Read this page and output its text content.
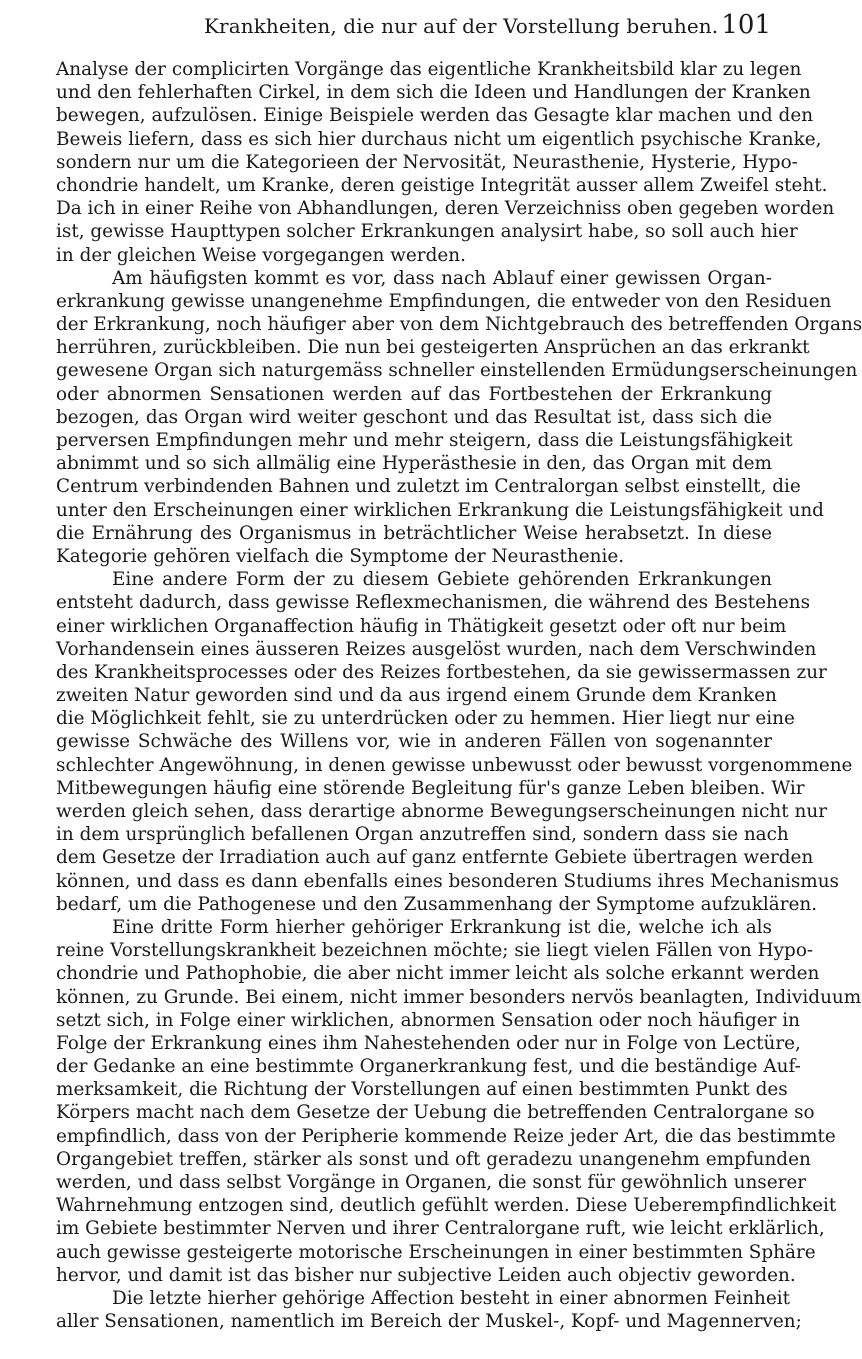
Krankheiten, die nur auf der Vorstellung beruhen. 101
Analyse der complicirten Vorgänge das eigentliche Krankheitsbild klar zu legen
und den fehlerhaften Cirkel, in dem sich die Ideen und Handlungen der Kranken
bewegen, aufzulösen. Einige Beispiele werden das Gesagte klar machen und den
Beweis liefern, dass es sich hier durchaus nicht um eigentlich psychische Kranke,
sondern nur um die Kategorieen der Nervosität, Neurasthenie, Hysterie, Hypo-
chondrie handelt, um Kranke, deren geistige Integrität ausser allem Zweifel steht.
Da ich in einer Reihe von Abhandlungen, deren Verzeichniss oben gegeben worden
ist, gewisse Haupttypen solcher Erkrankungen analysirt habe, so soll auch hier
in der gleichen Weise vorgegangen werden.
Am häufigsten kommt es vor, dass nach Ablauf einer gewissen Organ-
erkrankung gewisse unangenehme Empfindungen, die entweder von den Residuen
der Erkrankung, noch häufiger aber von dem Nichtgebrauch des betreffenden Organs
herrühren, zurückbleiben. Die nun bei gesteigerten Ansprüchen an das erkrankt
gewesene Organ sich naturgemäss schneller einstellenden Ermüdungserscheinungen
oder abnormen Sensationen werden auf das Fortbestehen der Erkrankung
bezogen, das Organ wird weiter geschont und das Resultat ist, dass sich die
perversen Empfindungen mehr und mehr steigern, dass die Leistungsfähigkeit
abnimmt und so sich allmälig eine Hyperästhesie in den, das Organ mit dem
Centrum verbindenden Bahnen und zuletzt im Centralorgan selbst einstellt, die
unter den Erscheinungen einer wirklichen Erkrankung die Leistungsfähigkeit und
die Ernährung des Organismus in beträchtlicher Weise herabsetzt. In diese
Kategorie gehören vielfach die Symptome der Neurasthenie.
Eine andere Form der zu diesem Gebiete gehörenden Erkrankungen
entsteht dadurch, dass gewisse Reflexmechanismen, die während des Bestehens
einer wirklichen Organaffection häufig in Thätigkeit gesetzt oder oft nur beim
Vorhandensein eines äusseren Reizes ausgelöst wurden, nach dem Verschwinden
des Krankheitsprocesses oder des Reizes fortbestehen, da sie gewissermassen zur
zweiten Natur geworden sind und da aus irgend einem Grunde dem Kranken
die Möglichkeit fehlt, sie zu unterdrücken oder zu hemmen. Hier liegt nur eine
gewisse Schwäche des Willens vor, wie in anderen Fällen von sogenannter
schlechter Angewöhnung, in denen gewisse unbewusst oder bewusst vorgenommene
Mitbewegungen häufig eine störende Begleitung für's ganze Leben bleiben. Wir
werden gleich sehen, dass derartige abnorme Bewegungserscheinungen nicht nur
in dem ursprünglich befallenen Organ anzutreffen sind, sondern dass sie nach
dem Gesetze der Irradiation auch auf ganz entfernte Gebiete übertragen werden
können, und dass es dann ebenfalls eines besonderen Studiums ihres Mechanismus
bedarf, um die Pathogenese und den Zusammenhang der Symptome aufzuklären.
Eine dritte Form hierher gehöriger Erkrankung ist die, welche ich als
reine Vorstellungskrankheit bezeichnen möchte; sie liegt vielen Fällen von Hypo-
chondrie und Pathophobie, die aber nicht immer leicht als solche erkannt werden
können, zu Grunde. Bei einem, nicht immer besonders nervös beanlagten, Individuum
setzt sich, in Folge einer wirklichen, abnormen Sensation oder noch häufiger in
Folge der Erkrankung eines ihm Nahestehenden oder nur in Folge von Lectüre,
der Gedanke an eine bestimmte Organerkrankung fest, und die beständige Auf-
merksamkeit, die Richtung der Vorstellungen auf einen bestimmten Punkt des
Körpers macht nach dem Gesetze der Uebung die betreffenden Centralorgane so
empfindlich, dass von der Peripherie kommende Reize jeder Art, die das bestimmte
Organgebiet treffen, stärker als sonst und oft geradezu unangenehm empfunden
werden, und dass selbst Vorgänge in Organen, die sonst für gewöhnlich unserer
Wahrnehmung entzogen sind, deutlich gefühlt werden. Diese Ueberempfindlichkeit
im Gebiete bestimmter Nerven und ihrer Centralorgane ruft, wie leicht erklärlich,
auch gewisse gesteigerte motorische Erscheinungen in einer bestimmten Sphäre
hervor, und damit ist das bisher nur subjective Leiden auch objectiv geworden.
Die letzte hierher gehörige Affection besteht in einer abnormen Feinheit
aller Sensationen, namentlich im Bereich der Muskel-, Kopf- und Magennerven;
